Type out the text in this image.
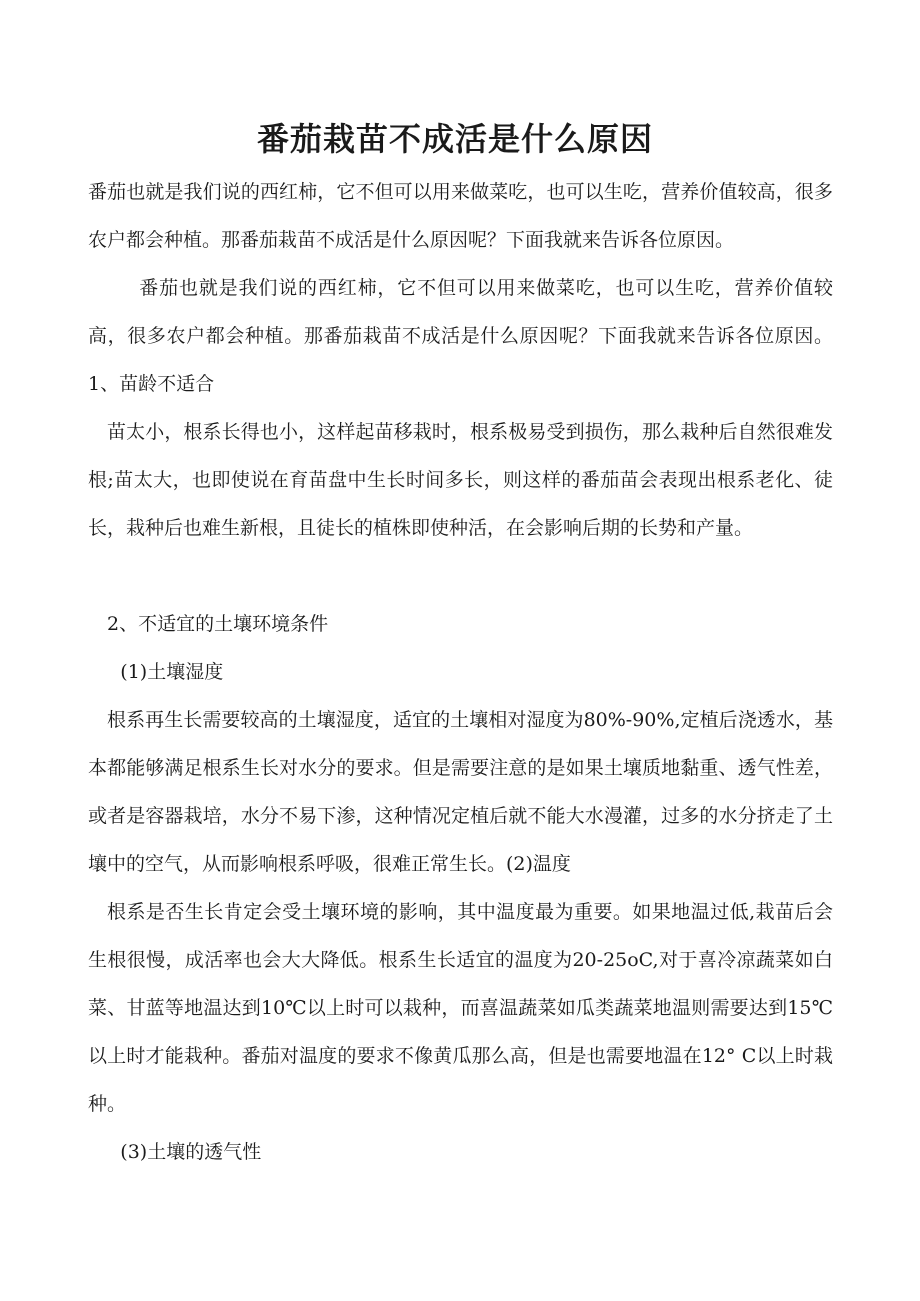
番茄栽苗不成活是什么原因

番茄也就是我们说的西红柿，它不但可以用来做菜吃，也可以生吃，营养价值较高，很多农户都会种植。那番茄栽苗不成活是什么原因呢？下面我就来告诉各位原因。

番茄也就是我们说的西红柿，它不但可以用来做菜吃，也可以生吃，营养价值较高，很多农户都会种植。那番茄栽苗不成活是什么原因呢？下面我就来告诉各位原因。1、苗龄不适合

苗太小，根系长得也小，这样起苗移栽时，根系极易受到损伤，那么栽种后自然很难发根;苗太大，也即使说在育苗盘中生长时间多长，则这样的番茄苗会表现出根系老化、徒长，栽种后也难生新根，且徒长的植株即使种活，在会影响后期的长势和产量。

2、不适宜的土壤环境条件

(1)土壤湿度

根系再生长需要较高的土壤湿度，适宜的土壤相对湿度为80%-90%,定植后浇透水，基本都能够满足根系生长对水分的要求。但是需要注意的是如果土壤质地黏重、透气性差，或者是容器栽培，水分不易下渗，这种情况定植后就不能大水漫灌，过多的水分挤走了土壤中的空气，从而影响根系呼吸，很难正常生长。(2)温度

根系是否生长肯定会受土壤环境的影响，其中温度最为重要。如果地温过低,栽苗后会生根很慢，成活率也会大大降低。根系生长适宜的温度为20-25oC,对于喜冷凉蔬菜如白菜、甘蓝等地温达到10℃以上时可以栽种，而喜温蔬菜如瓜类蔬菜地温则需要达到15℃以上时才能栽种。番茄对温度的要求不像黄瓜那么高，但是也需要地温在12° C以上时栽种。

(3)土壤的透气性
